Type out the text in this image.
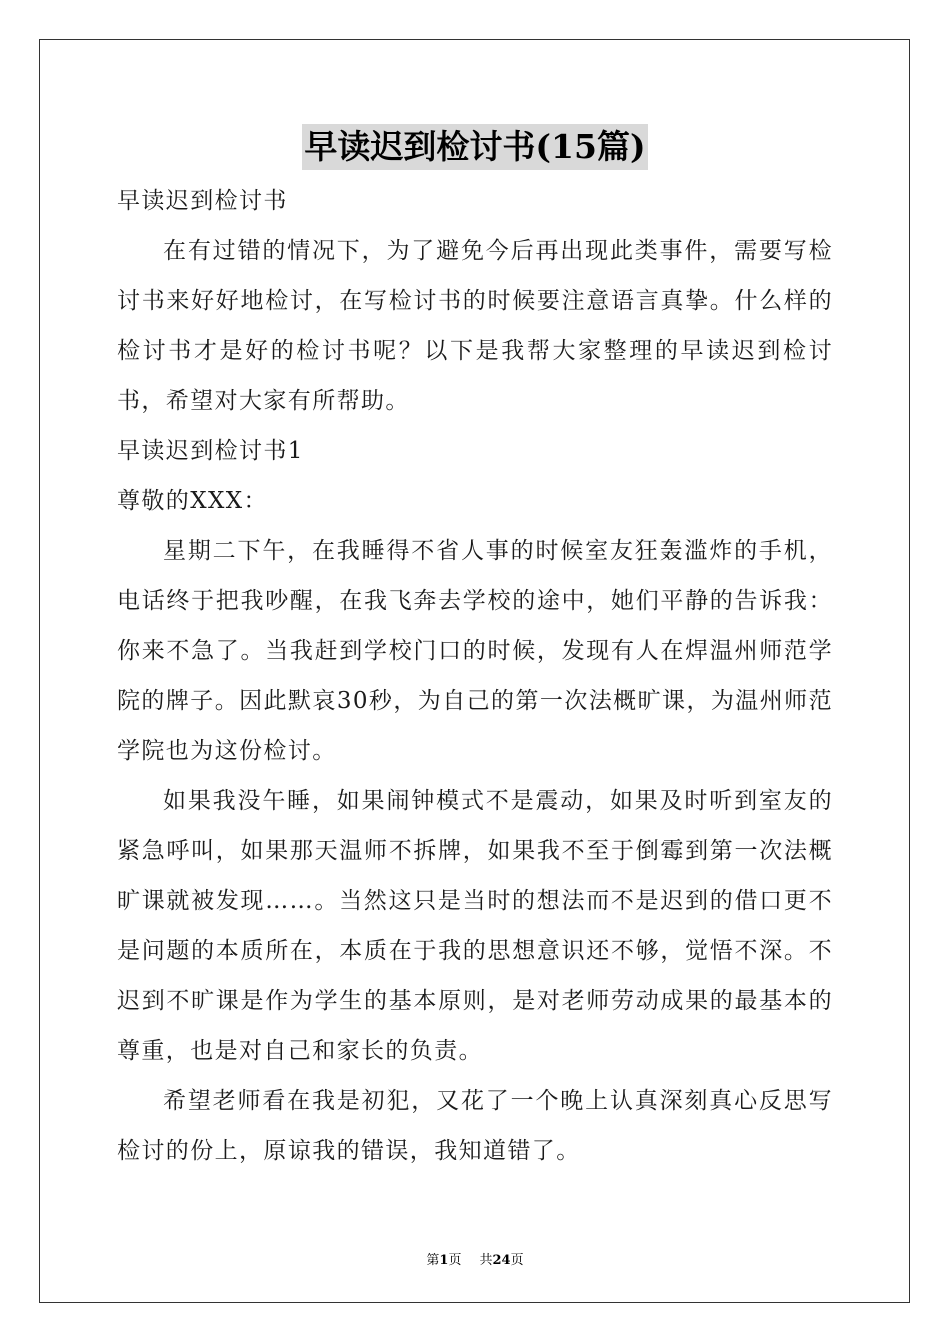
早读迟到检讨书(15篇)

早读迟到检讨书

在有过错的情况下，为了避免今后再出现此类事件，需要写检讨书来好好地检讨，在写检讨书的时候要注意语言真挚。什么样的检讨书才是好的检讨书呢？以下是我帮大家整理的早读迟到检讨书，希望对大家有所帮助。

早读迟到检讨书1

尊敬的XXX：

星期二下午，在我睡得不省人事的时候室友狂轰滥炸的手机，电话终于把我吵醒，在我飞奔去学校的途中，她们平静的告诉我：你来不急了。当我赶到学校门口的时候，发现有人在焊温州师范学院的牌子。因此默哀30秒，为自己的第一次法概旷课，为温州师范学院也为这份检讨。

如果我没午睡，如果闹钟模式不是震动，如果及时听到室友的紧急呼叫，如果那天温师不拆牌，如果我不至于倒霉到第一次法概旷课就被发现……。当然这只是当时的想法而不是迟到的借口更不是问题的本质所在，本质在于我的思想意识还不够，觉悟不深。不迟到不旷课是作为学生的基本原则，是对老师劳动成果的最基本的尊重，也是对自己和家长的负责。

希望老师看在我是初犯，又花了一个晚上认真深刻真心反思写检讨的份上，原谅我的错误，我知道错了。

第1页 共24页
